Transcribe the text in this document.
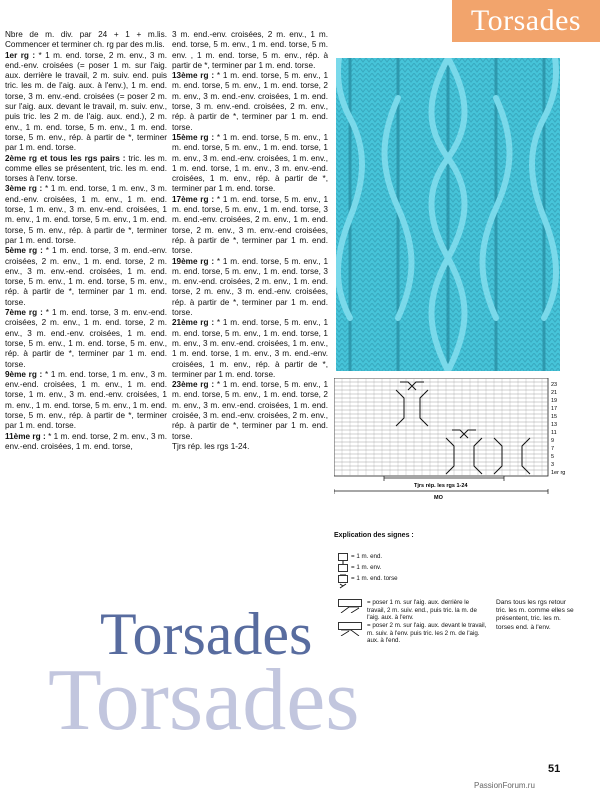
Torsades

Nbre de m. div. par 24 + 1 + m.lis. Commencer et terminer ch. rg par des m.lis.

1er rg : * 1 m. end. torse, 2 m. env., 3 m. end.-env. croisées (= poser 1 m. sur l'aig. aux. derrière le travail, 2 m. suiv. end. puis tric. les m. de l'aig. aux. à l'env.), 1 m. end. torse, 3 m. env.-end. croisées (= poser 2 m. sur l'aig. aux. devant le travail, m. suiv. env., puis tric. les 2 m. de l'aig. aux. end.), 2 m. env., 1 m. end. torse, 5 m. env., 1 m. end. torse, 5 m. env., rép. à partir de *, terminer par 1 m. end. torse.

2ème rg et tous les rgs pairs : tric. les m. comme elles se présentent, tric. les m. end. torses à l'env. torse.

3ème rg : * 1 m. end. torse, 1 m. env., 3 m. end.-env. croisées, 1 m. env., 1 m. end. torse, 1 m. env., 3 m. env.-end. croisées, 1 m. env., 1 m. end. torse, 5 m. env., 1 m. end. torse, 5 m. env., rép. à partir de *, terminer par 1 m. end. torse.

5ème rg : * 1 m. end. torse, 3 m. end.-env. croisées, 2 m. env., 1 m. end. torse, 2 m. env., 3 m. env.-end. croisées, 1 m. end. torse, 5 m. env., 1 m. end. torse, 5 m. env., rép. à partir de *, terminer par 1 m. end. torse.

7ème rg : * 1 m. end. torse, 3 m. env.-end. croisées, 2 m. env., 1 m. end. torse, 2 m. env., 3 m. end.-env. croisées, 1 m. end. torse, 5 m. env., 1 m. end. torse, 5 m. env., rép. à partir de *, terminer par 1 m. end. torse.

9ème rg : * 1 m. end. torse, 1 m. env., 3 m. env.-end. croisées, 1 m. env., 1 m. end. torse, 1 m. env., 3 m. end.-env. croisées, 1 m. env., 1 m. end. torse, 5 m. env., 1 m. end. torse, 5 m. env., rép. à partir de *, terminer par 1 m. end. torse.

11ème rg : * 1 m. end. torse, 2 m. env., 3 m. env.-end. croisées, 1 m. end. torse,

3 m. end.-env. croisées, 2 m. env., 1 m. end. torse, 5 m. env., 1 m. end. torse, 5 m. env. , 1 m. end. torse, 5 m. env., rép. à partir de *, terminer par 1 m. end. torse.

13ème rg : * 1 m. end. torse, 5 m. env., 1 m. end. torse, 5 m. env., 1 m. end. torse, 2 m. env., 3 m. end.-env. croisées, 1 m. end. torse, 3 m. env.-end. croisées, 2 m. env., rép. à partir de *, terminer par 1 m. end. torse.

15ème rg : * 1 m. end. torse, 5 m. env., 1 m. end. torse, 5 m. env., 1 m. end. torse, 1 m. env., 3 m. end.-env. croisées, 1 m. env., 1 m. end. torse, 1 m. env., 3 m. env.-end. croisées, 1 m. env., rép. à partir de *, terminer par 1 m. end. torse.

17ème rg : * 1 m. end. torse, 5 m. env., 1 m. end. torse, 5 m. env., 1 m. end. torse, 3 m. end.-env. croisées, 2 m. env., 1 m. end. torse, 2 m. env., 3 m. env.-end croisées, rép. à partir de *, terminer par 1 m. end. torse.

19ème rg : * 1 m. end. torse, 5 m. env., 1 m. end. torse, 5 m. env., 1 m. end. torse, 3 m. env.-end. croisées, 2 m. env., 1 m. end. torse, 2 m. env., 3 m. end.-env. croisées, rép. à partir de *, terminer par 1 m. end. torse.

21ème rg : * 1 m. end. torse, 5 m. env., 1 m. end. torse, 5 m. env., 1 m. end. torse, 1 m. env., 3 m. env.-end. croisées, 1 m. env., 1 m. end. torse, 1 m. env., 3 m. end.-env. croisées, 1 m. env., rép. à partir de *, terminer par 1 m. end. torse.

23ème rg : * 1 m. end. torse, 5 m. env., 1 m. end. torse, 5 m. env., 1 m. end. torse, 2 m. env., 3 m. env.-end. croisées, 1 m. end. croisée, 3 m. end.-env. croisées, 2 m. env., rép. à partir de *, terminer par 1 m. end. torse.

Tjrs rép. les rgs 1-24.

Tjrs rép. les rgs 1-24
MO
23
21
19
17
15
13
11
9
7
5
3
1er rg
Explication des signes :
= 1 m. end.
= 1 m. env.
= 1 m. end. torse
= poser 1 m. sur l'aig. aux. derrière le travail, 2 m. suiv. end., puis tric. la m. de l'aig. aux. à l'env.
= poser 2 m. sur l'aig. aux. devant le travail, m. suiv. à l'env. puis tric. les 2 m. de l'aig. aux. à l'end.
Dans tous les rgs retour tric. les m. comme elles se présentent, tric. les m. torses end. à l'env.
Torsades
Torsades
51
PassionForum.ru
